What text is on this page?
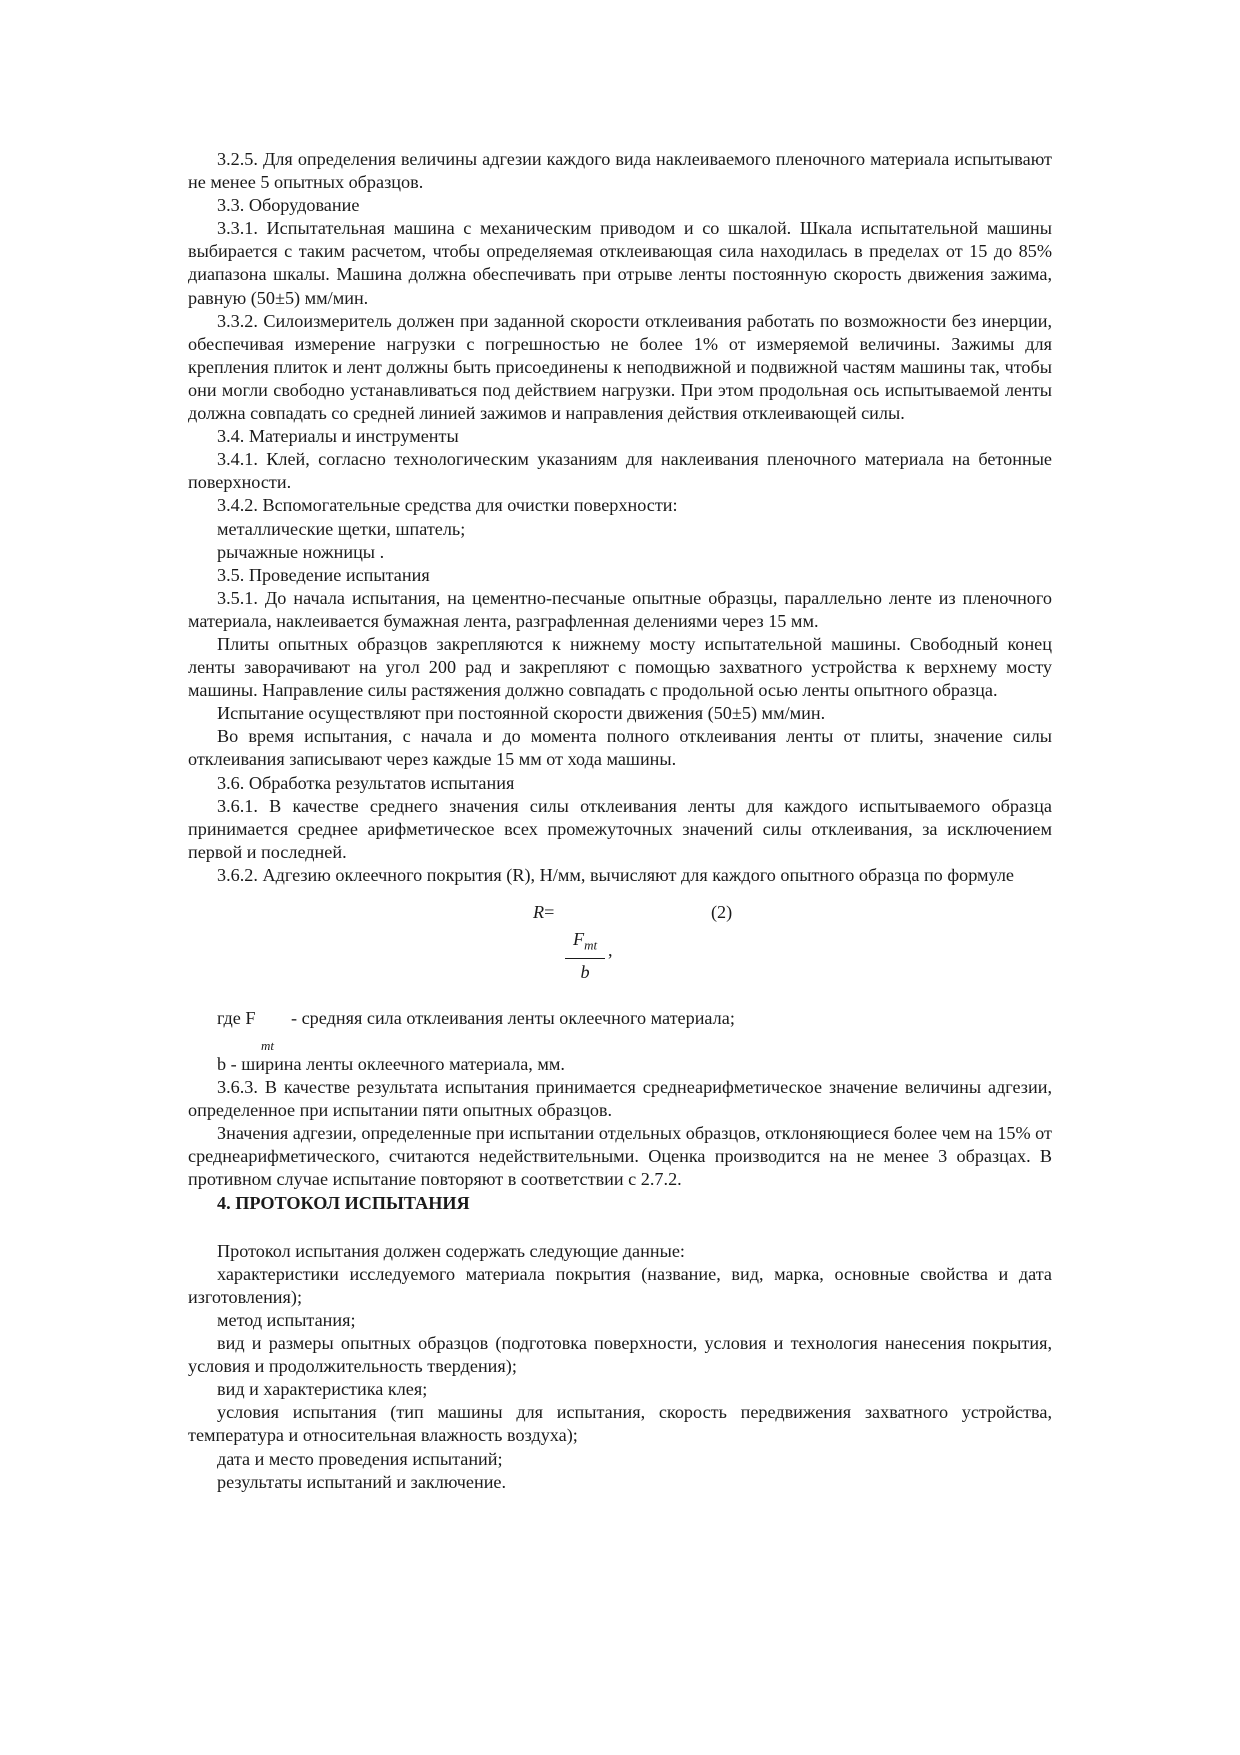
3.2.5. Для определения величины адгезии каждого вида наклеиваемого пленочного материала испытывают не менее 5 опытных образцов.

3.3. Оборудование

3.3.1. Испытательная машина с механическим приводом и со шкалой. Шкала испытательной машины выбирается с таким расчетом, чтобы определяемая отклеивающая сила находилась в пределах от 15 до 85% диапазона шкалы. Машина должна обеспечивать при отрыве ленты постоянную скорость движения зажима, равную (50±5) мм/мин.

3.3.2. Силоизмеритель должен при заданной скорости отклеивания работать по возможности без инерции, обеспечивая измерение нагрузки с погрешностью не более 1% от измеряемой величины. Зажимы для крепления плиток и лент должны быть присоединены к неподвижной и подвижной частям машины так, чтобы они могли свободно устанавливаться под действием нагрузки. При этом продольная ось испытываемой ленты должна совпадать со средней линией зажимов и направления действия отклеивающей силы.

3.4. Материалы и инструменты

3.4.1. Клей, согласно технологическим указаниям для наклеивания пленочного материала на бетонные поверхности.

3.4.2. Вспомогательные средства для очистки поверхности:

металлические щетки, шпатель;

рычажные ножницы .

3.5. Проведение испытания

3.5.1. До начала испытания, на цементно-песчаные опытные образцы, параллельно ленте из пленочного материала, наклеивается бумажная лента, разграфленная делениями через 15 мм.

Плиты опытных образцов закрепляются к нижнему мосту испытательной машины. Свободный конец ленты заворачивают на угол 200 рад и закрепляют с помощью захватного устройства к верхнему мосту машины. Направление силы растяжения должно совпадать с продольной осью ленты опытного образца.

Испытание осуществляют при постоянной скорости движения (50±5) мм/мин.

Во время испытания, с начала и до момента полного отклеивания ленты от плиты, значение силы отклеивания записывают через каждые 15 мм от хода машины.

3.6. Обработка результатов испытания

3.6.1. В качестве среднего значения силы отклеивания ленты для каждого испытываемого образца принимается среднее арифметическое всех промежуточных значений силы отклеивания, за исключением первой и последней.

3.6.2. Адгезию оклеечного покрытия (R), Н/мм, вычисляют для каждого опытного образца по формуле

R=
$F_{mt}$
b
,
(2)
где F
mt
- средняя сила отклеивания ленты оклеечного материала;

b - ширина ленты оклеечного материала, мм.

3.6.3. В качестве результата испытания принимается среднеарифметическое значение величины адгезии, определенное при испытании пяти опытных образцов.

Значения адгезии, определенные при испытании отдельных образцов, отклоняющиеся более чем на 15% от среднеарифметического, считаются недействительными. Оценка производится на не менее 3 образцах. В противном случае испытание повторяют в соответствии с 2.7.2.

4. ПРОТОКОЛ ИСПЫТАНИЯ

Протокол испытания должен содержать следующие данные:

характеристики исследуемого материала покрытия (название, вид, марка, основные свойства и дата изготовления);

метод испытания;

вид и размеры опытных образцов (подготовка поверхности, условия и технология нанесения покрытия, условия и продолжительность твердения);

вид и характеристика клея;

условия испытания (тип машины для испытания, скорость передвижения захватного устройства, температура и относительная влажность воздуха);

дата и место проведения испытаний;

результаты испытаний и заключение.
